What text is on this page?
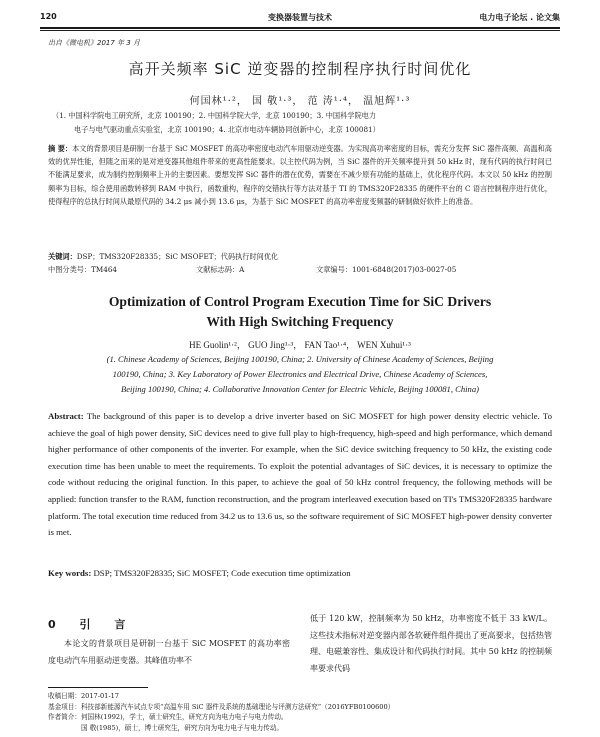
120	变换器装置与技术	电力电子论坛 . 论文集
出自《微电机》2017 年 3 月
高开关频率 SiC 逆变器的控制程序执行时间优化
何国林¹·²， 国 敬¹·³， 范 涛¹·⁴， 温旭辉¹·³
（1. 中国科学院电工研究所，北京 100190；2. 中国科学院大学，北京 100190；3. 中国科学院电力
电子与电气驱动重点实验室，北京 100190；4. 北京市电动车辆协同创新中心，北京 100081）
摘 要：本文的背景项目是研制一台基于 SiC MOSFET 的高功率密度电动汽车用驱动逆变器。为实现高功率密度的目标，需充分发挥 SiC 器件高频、高温和高效的优异性能，但随之而来的是对逆变器其他组件带来的更高性能要求。以主控代码为例，当 SiC 器件的开关频率提升到 50 kHz 时，现有代码的执行时间已不能满足要求，成为制约控制频率上升的主要因素。要想发挥 SiC 器件的潜在优势，需要在不减少原有功能的基础上，优化程序代码。本文以 50 kHz 的控制频率为目标，综合使用函数转移到 RAM 中执行，函数重构，程序的交错执行等方法对基于 TI 的 TMS320F28335 的硬件平台的 C 语言控制程序进行优化，使得程序的总执行时间从最原代码的 34.2 μs 减小到 13.6 μs，为基于 SiC MOSFET 的高功率密度变频器的研制做好软件上的准备。
关键词：DSP；TMS320F28335；SiC MSOFET；代码执行时间优化
中图分类号：TM464	文献标志码：A	文章编号：1001-6848(2017)03-0027-05
Optimization of Control Program Execution Time for SiC Drivers
With High Switching Frequency
HE Guolin¹·²， GUO Jing¹·³， FAN Tao¹·⁴， WEN Xuhui¹·³
(1. Chinese Academy of Sciences, Beijing 100190, China; 2. University of Chinese Academy of Sciences, Beijing
100190, China; 3. Key Laboratory of Power Electronics and Electrical Drive, Chinese Academy of Sciences,
Beijing 100190, China; 4. Collaborative Innovation Center for Electric Vehicle, Beijing 100081, China)
Abstract: The background of this paper is to develop a drive inverter based on SiC MOSFET for high power density electric vehicle. To achieve the goal of high power density, SiC devices need to give full play to high-frequency, high-speed and high performance, which demand higher performance of other components of the inverter. For example, when the SiC device switching frequency to 50 kHz, the existing code execution time has been unable to meet the requirements. To exploit the potential advantages of SiC devices, it is necessary to optimize the code without reducing the original function. In this paper, to achieve the goal of 50 kHz control frequency, the following methods will be applied: function transfer to the RAM, function reconstruction, and the program interleaved execution based on TI's TMS320F28335 hardware platform. The total execution time reduced from 34.2 us to 13.6 us, so the software requirement of SiC MOSFET high-power density converter is met.
Key words: DSP; TMS320F28335; SiC MOSFET; Code execution time optimization
0 引 言
本论文的背景项目是研制一台基于 SiC MOSFET 的高功率密度电动汽车用驱动逆变器。其峰值功率不
低于 120 kW，控制频率为 50 kHz，功率密度不低于 33 kW/L。这些技术指标对逆变器内部各软硬件组件提出了更高要求，包括热管理、电磁兼容性、集成设计和代码执行时间。其中 50 kHz 的控制频率要求代码
收稿日期：2017-01-17
基金项目：科技部新能源汽车试点专项“高温车用 SiC 器件及系统的基础理论与评测方法研究”（2016YFB0100600）
作者简介：何国林(1992)，学士，硕士研究生，研究方向为电力电子与电力传动。
国 敬(1985)，硕士，博士研究生，研究方向为电力电子与电力传动。
